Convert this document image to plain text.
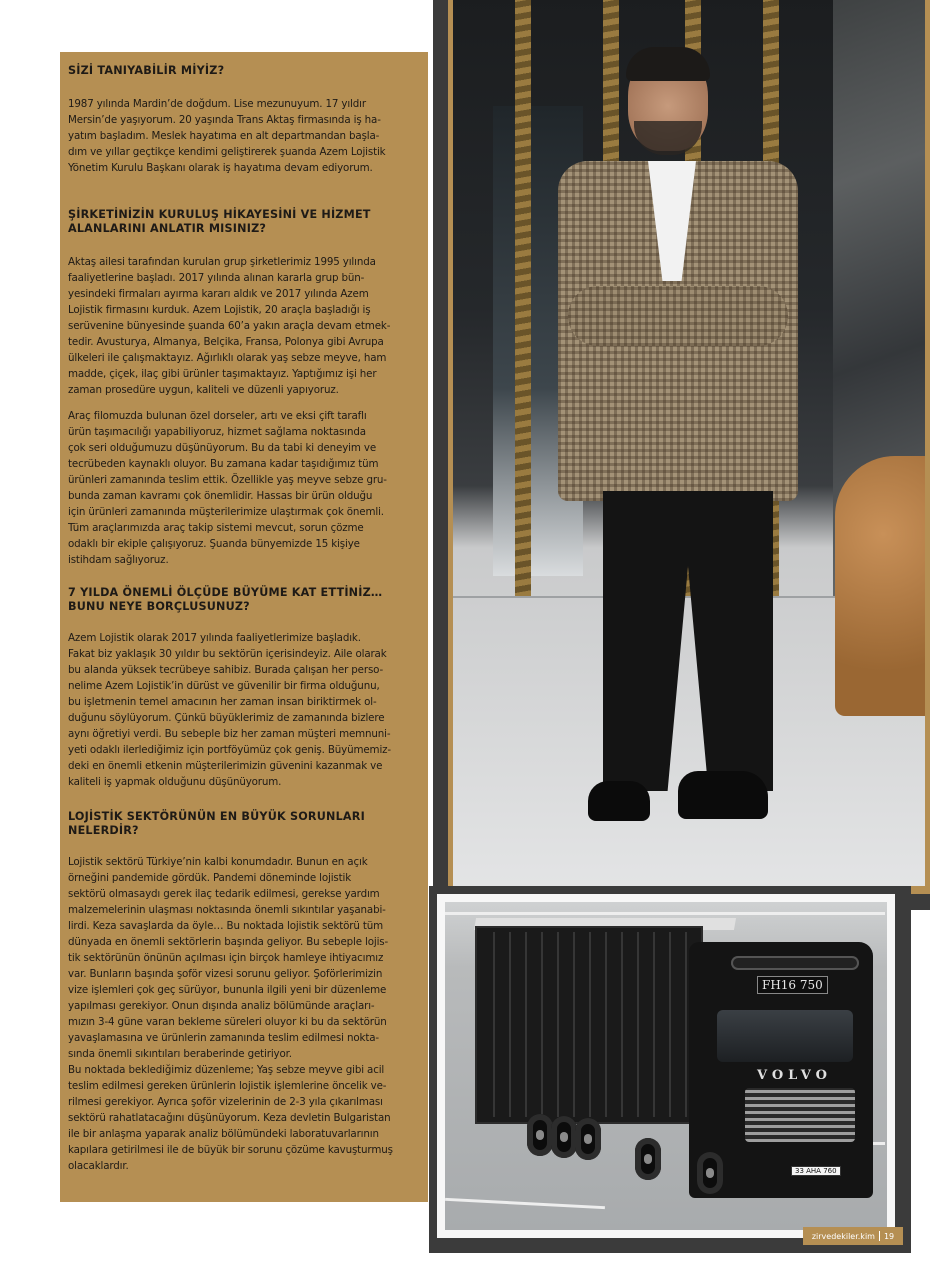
SİZİ TANIYABİLİR MİYİZ?

1987 yılında Mardin’de doğdum. Lise mezunuyum. 17 yıldır
Mersin’de yaşıyorum. 20 yaşında Trans Aktaş firmasında iş ha-
yatım başladım. Meslek hayatıma en alt departmandan başla-
dım ve yıllar geçtikçe kendimi geliştirerek şuanda Azem Lojistik
Yönetim Kurulu Başkanı olarak iş hayatıma devam ediyorum.

ŞİRKETİNİZİN KURULUŞ HİKAYESİNİ VE HİZMET
ALANLARINI ANLATIR MISINIZ?

Aktaş ailesi tarafından kurulan grup şirketlerimiz 1995 yılında
faaliyetlerine başladı. 2017 yılında alınan kararla grup bün-
yesindeki firmaları ayırma kararı aldık ve 2017 yılında Azem
Lojistik firmasını kurduk. Azem Lojistik, 20 araçla başladığı iş
serüvenine bünyesinde şuanda 60’a yakın araçla devam etmek-
tedir. Avusturya, Almanya, Belçika, Fransa, Polonya gibi Avrupa
ülkeleri ile çalışmaktayız. Ağırlıklı olarak yaş sebze meyve, ham
madde, çiçek, ilaç gibi ürünler taşımaktayız. Yaptığımız işi her
zaman prosedüre uygun, kaliteli ve düzenli yapıyoruz.

Araç filomuzda bulunan özel dorseler, artı ve eksi çift taraflı
ürün taşımacılığı yapabiliyoruz, hizmet sağlama noktasında
çok seri olduğumuzu düşünüyorum. Bu da tabi ki deneyim ve
tecrübeden kaynaklı oluyor. Bu zamana kadar taşıdığımız tüm
ürünleri zamanında teslim ettik. Özellikle yaş meyve sebze gru-
bunda zaman kavramı çok önemlidir. Hassas bir ürün olduğu
için ürünleri zamanında müşterilerimize ulaştırmak çok önemli.
Tüm araçlarımızda araç takip sistemi mevcut, sorun çözme
odaklı bir ekiple çalışıyoruz. Şuanda bünyemizde 15 kişiye
istihdam sağlıyoruz.

7 YILDA ÖNEMLİ ÖLÇÜDE BÜYÜME KAT ETTİNİZ…
BUNU NEYE BORÇLUSUNUZ?

Azem Lojistik olarak 2017 yılında faaliyetlerimize başladık.
Fakat biz yaklaşık 30 yıldır bu sektörün içerisindeyiz. Aile olarak
bu alanda yüksek tecrübeye sahibiz. Burada çalışan her perso-
nelime Azem Lojistik’in dürüst ve güvenilir bir firma olduğunu,
bu işletmenin temel amacının her zaman insan biriktirmek ol-
duğunu söylüyorum. Çünkü büyüklerimiz de zamanında bizlere
aynı öğretiyi verdi. Bu sebeple biz her zaman müşteri memnuni-
yeti odaklı ilerlediğimiz için portföyümüz çok geniş. Büyümemiz-
deki en önemli etkenin müşterilerimizin güvenini kazanmak ve
kaliteli iş yapmak olduğunu düşünüyorum.

LOJİSTİK SEKTÖRÜNÜN EN BÜYÜK SORUNLARI
NELERDİR?

Lojistik sektörü Türkiye’nin kalbi konumdadır. Bunun en açık
örneğini pandemide gördük. Pandemi döneminde lojistik
sektörü olmasaydı gerek ilaç tedarik edilmesi, gerekse yardım
malzemelerinin ulaşması noktasında önemli sıkıntılar yaşanabi-
lirdi. Keza savaşlarda da öyle… Bu noktada lojistik sektörü tüm
dünyada en önemli sektörlerin başında geliyor. Bu sebeple lojis-
tik sektörünün önünün açılması için birçok hamleye ihtiyacımız
var. Bunların başında şoför vizesi sorunu geliyor. Şoförlerimizin
vize işlemleri çok geç sürüyor, bununla ilgili yeni bir düzenleme
yapılması gerekiyor. Onun dışında analiz bölümünde araçları-
mızın 3-4 güne varan bekleme süreleri oluyor ki bu da sektörün
yavaşlamasına ve ürünlerin zamanında teslim edilmesi nokta-
sında önemli sıkıntıları beraberinde getiriyor.
Bu noktada beklediğimiz düzenleme; Yaş sebze meyve gibi acil
teslim edilmesi gereken ürünlerin lojistik işlemlerine öncelik ve-
rilmesi gerekiyor. Ayrıca şoför vizelerinin de 2-3 yıla çıkarılması
sektörü rahatlatacağını düşünüyorum. Keza devletin Bulgaristan
ile bir anlaşma yaparak analiz bölümündeki laboratuvarlarının
kapılara getirilmesi ile de büyük bir sorunu çözüme kavuşturmuş
olacaklardır.

FH16 750
VOLVO
33 AHA 760
zirvedekiler.kim 19
